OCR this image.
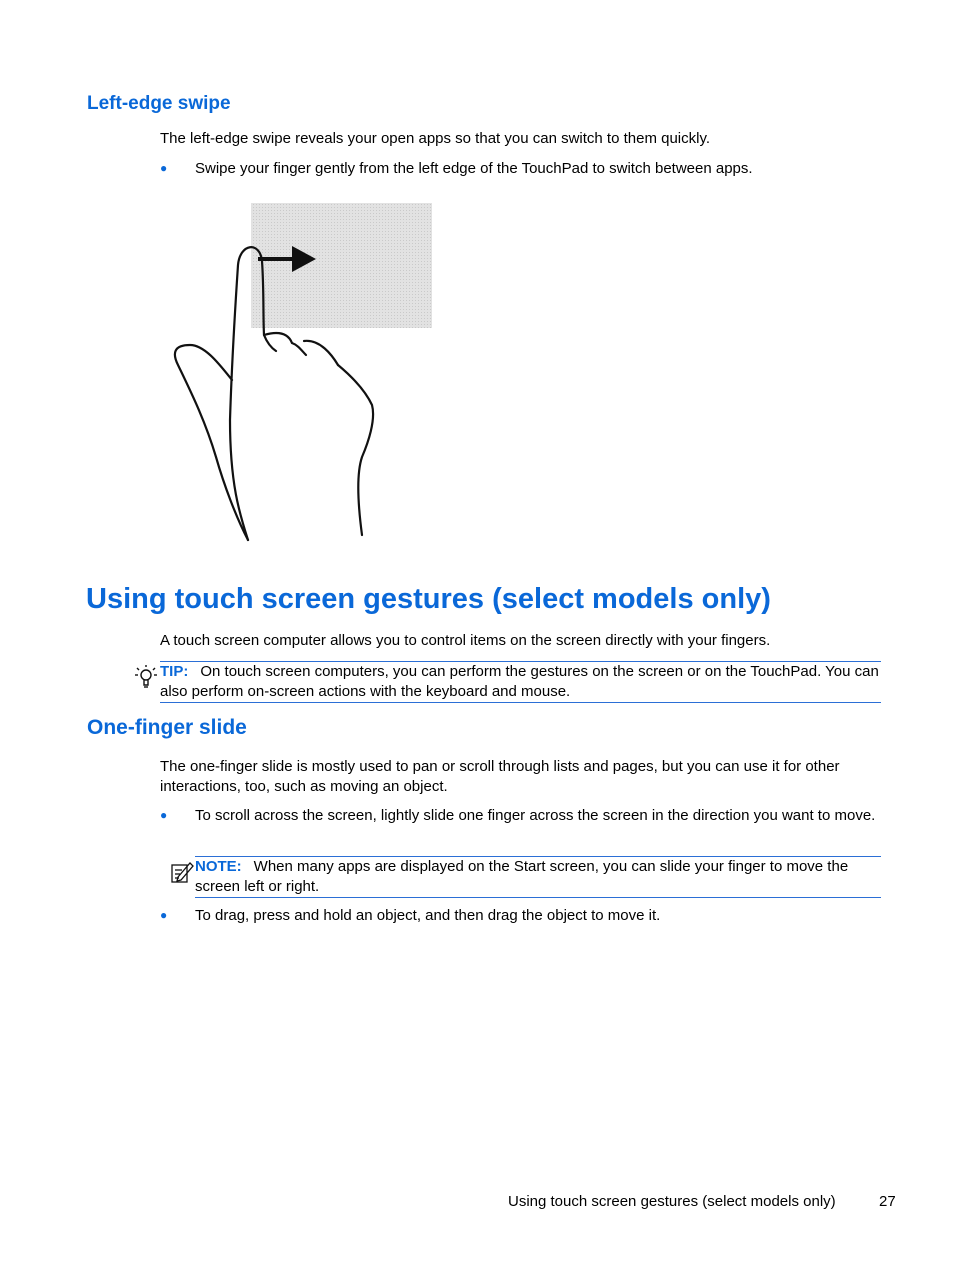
Left-edge swipe
The left-edge swipe reveals your open apps so that you can switch to them quickly.
● Swipe your finger gently from the left edge of the TouchPad to switch between apps.
Using touch screen gestures (select models only)
A touch screen computer allows you to control items on the screen directly with your fingers.
TIP: On touch screen computers, you can perform the gestures on the screen or on the TouchPad. You can also perform on-screen actions with the keyboard and mouse.
One-finger slide
The one-finger slide is mostly used to pan or scroll through lists and pages, but you can use it for other interactions, too, such as moving an object.
● To scroll across the screen, lightly slide one finger across the screen in the direction you want to move.
NOTE: When many apps are displayed on the Start screen, you can slide your finger to move the screen left or right.
● To drag, press and hold an object, and then drag the object to move it.
Using touch screen gestures (select models only)	27
